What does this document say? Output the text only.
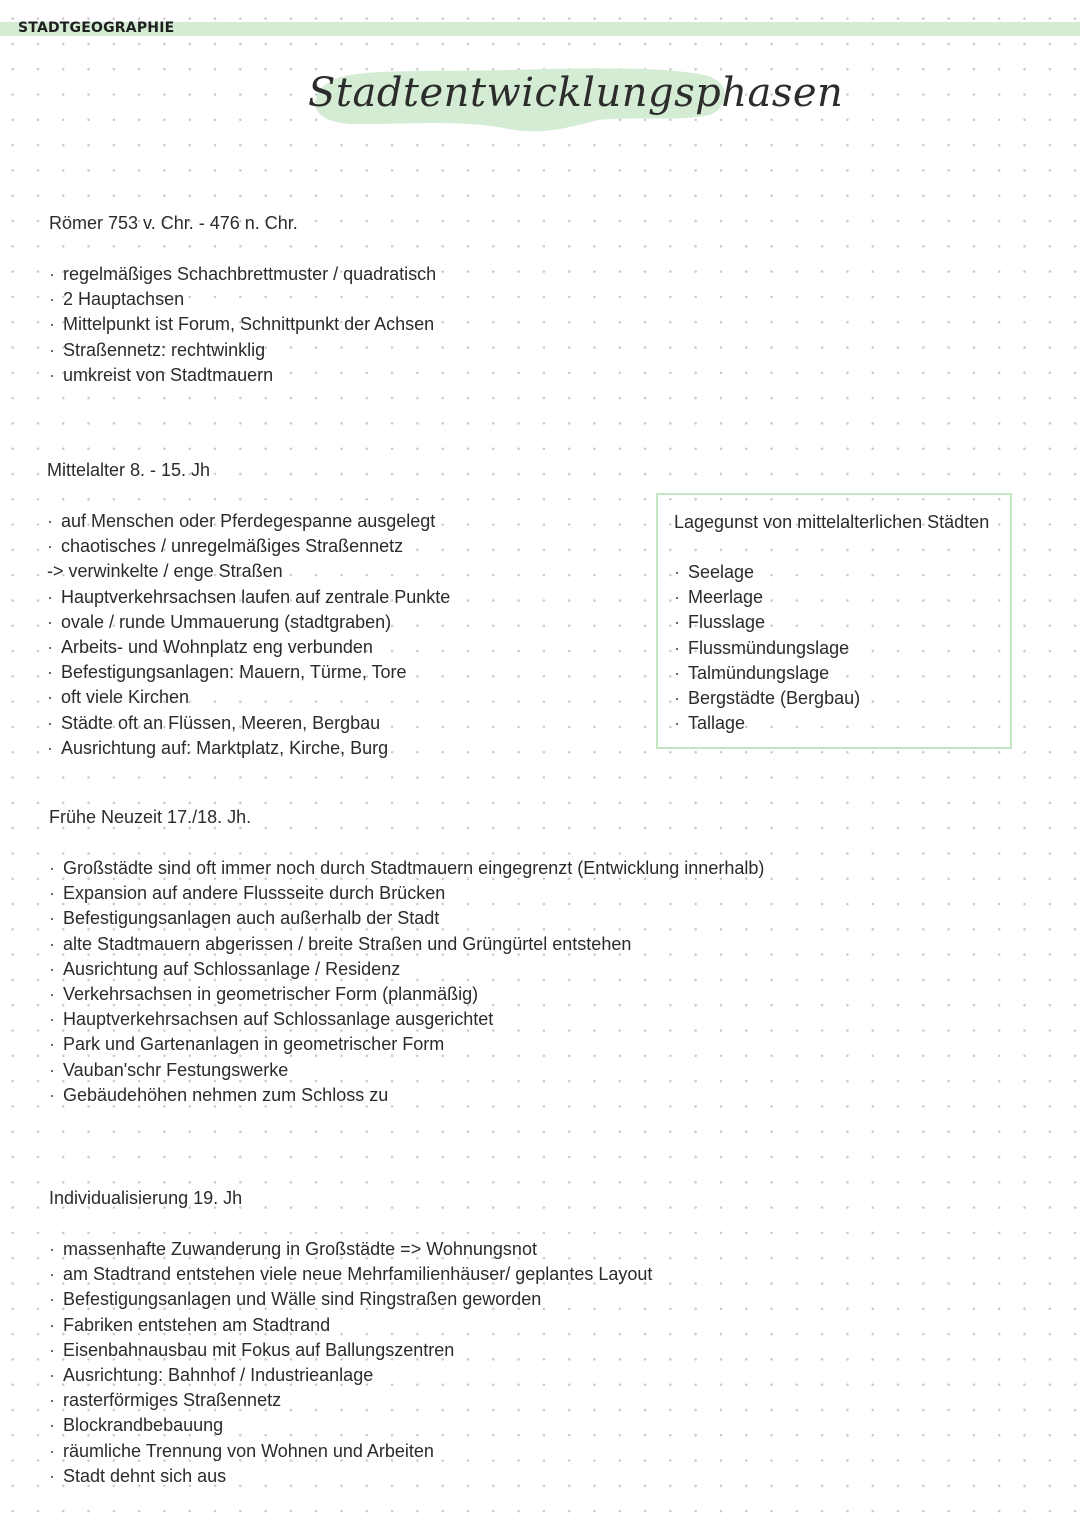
STADTGEOGRAPHIE
Stadtentwicklungsphasen

Römer 753 v. Chr. - 476 n. Chr.

· regelmäßiges Schachbrettmuster / quadratisch
· 2 Hauptachsen
· Mittelpunkt ist Forum, Schnittpunkt der Achsen
· Straßennetz: rechtwinklig
· umkreist von Stadtmauern

Mittelalter 8. - 15. Jh

· auf Menschen oder Pferdegespanne ausgelegt
· chaotisches / unregelmäßiges Straßennetz
-> verwinkelte / enge Straßen
· Hauptverkehrsachsen laufen auf zentrale Punkte
· ovale / runde Ummauerung (stadtgraben)
· Arbeits- und Wohnplatz eng verbunden
· Befestigungsanlagen: Mauern, Türme, Tore
· oft viele Kirchen
· Städte oft an Flüssen, Meeren, Bergbau
· Ausrichtung auf: Marktplatz, Kirche, Burg
Lagegunst von mittelalterlichen Städten
· Seelage
· Meerlage
· Flusslage
· Flussmündungslage
· Talmündungslage
· Bergstädte (Bergbau)
· Tallage

Frühe Neuzeit 17./18. Jh.

· Großstädte sind oft immer noch durch Stadtmauern eingegrenzt (Entwicklung innerhalb)
· Expansion auf andere Flussseite durch Brücken
· Befestigungsanlagen auch außerhalb der Stadt
· alte Stadtmauern abgerissen / breite Straßen und Grüngürtel entstehen
· Ausrichtung auf Schlossanlage / Residenz
· Verkehrsachsen in geometrischer Form (planmäßig)
· Hauptverkehrsachsen auf Schlossanlage ausgerichtet
· Park und Gartenanlagen in geometrischer Form
· Vauban'schr Festungswerke
· Gebäudehöhen nehmen zum Schloss zu

Individualisierung 19. Jh

· massenhafte Zuwanderung in Großstädte => Wohnungsnot
· am Stadtrand entstehen viele neue Mehrfamilienhäuser/ geplantes Layout
· Befestigungsanlagen und Wälle sind Ringstraßen geworden
· Fabriken entstehen am Stadtrand
· Eisenbahnausbau mit Fokus auf Ballungszentren
· Ausrichtung: Bahnhof / Industrieanlage
· rasterförmiges Straßennetz
· Blockrandbebauung
· räumliche Trennung von Wohnen und Arbeiten
· Stadt dehnt sich aus
